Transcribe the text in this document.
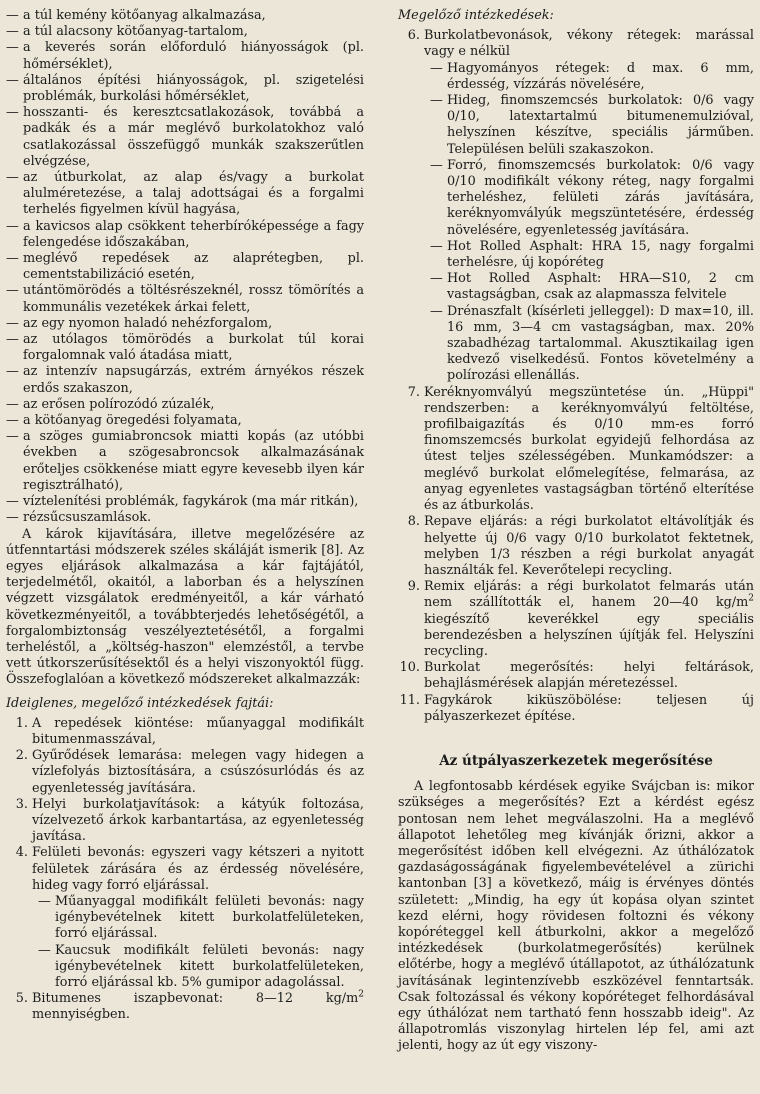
— a túl kemény kötőanyag alkalmazása,
— a túl alacsony kötőanyag-tartalom,
— a keverés során előforduló hiányosságok (pl. hőmérséklet),
— általános építési hiányosságok, pl. szigetelési problémák, burkolási hőmérséklet,
— hosszanti- és keresztcsatlakozások, továbbá a padkák és a már meglévő burkolatokhoz való csatlakozással összefüggő munkák szakszerűtlen elvégzése,
— az útburkolat, az alap és/vagy a burkolat alulméretezése, a talaj adottságai és a forgalmi terhelés figyelmen kívül hagyása,
— a kavicsos alap csökkent teherbíróképessége a fagy felengedése időszakában,
— meglévő repedések az alaprétegben, pl. cementstabilizáció esetén,
— utántömörödés a töltésrészeknél, rossz tömörítés a kommunális vezetékek árkai felett,
— az egy nyomon haladó nehézforgalom,
— az utólagos tömörödés a burkolat túl korai forgalomnak való átadása miatt,
— az intenzív napsugárzás, extrém árnyékos részek erdős szakaszon,
— az erősen polírozódó zúzalék,
— a kötőanyag öregedési folyamata,
— a szöges gumiabroncsok miatti kopás (az utóbbi években a szögesabroncsok alkalmazásának erőteljes csökkenése miatt egyre kevesebb ilyen kár regisztrálható),
— víztelenítési problémák, fagykárok (ma már ritkán),
— rézsűcsuszamlások.

A károk kijavítására, illetve megelőzésére az útfenntartási módszerek széles skáláját ismerik [8]. Az egyes eljárások alkalmazása a kár fajtájától, terjedelmétől, okaitól, a laborban és a helyszínen végzett vizsgálatok eredményeitől, a kár várható következményeitől, a továbbterjedés lehetőségétől, a forgalombiztonság veszélyeztetésétől, a forgalmi terheléstől, a „költség-haszon" elemzéstől, a tervbe vett útkorszerűsítésektől és a helyi viszonyoktól függ. Összefoglalóan a következő módszereket alkalmazzák:

Ideiglenes, megelőző intézkedések fajtái:

1. A repedések kiöntése: műanyaggal modifikált bitumenmasszával,
2. Gyűrődések lemarása: melegen vagy hidegen a vízlefolyás biztosítására, a csúszósurlódás és az egyenletesség javítására.
3. Helyi burkolatjavítások: a kátyúk foltozása, vízelvezető árkok karbantartása, az egyenletesség javítása.
4. Felületi bevonás: egyszeri vagy kétszeri a nyitott felületek zárására és az érdesség növelésére, hideg vagy forró eljárással.
— Műanyaggal modifikált felületi bevonás: nagy igénybevételnek kitett burkolatfelületeken, forró eljárással.
— Kaucsuk modifikált felületi bevonás: nagy igénybevételnek kitett burkolatfelületeken, forró eljárással kb. 5% gumipor adagolással.
5. Bitumenes iszapbevonat: 8—12 $kg/m^2$ mennyiségben.

Megelőző intézkedések:

6. Burkolatbevonások, vékony rétegek: marással vagy e nélkül
— Hagyományos rétegek: d max. 6 mm, érdesség, vízzárás növelésére,
— Hideg, finomszemcsés burkolatok: 0/6 vagy 0/10, latextartalmú bitumenemulzióval, helyszínen készítve, speciális járműben. Településen belüli szakaszokon.
— Forró, finomszemcsés burkolatok: 0/6 vagy 0/10 modifikált vékony réteg, nagy forgalmi terheléshez, felületi zárás javítására, keréknyomvályúk megszüntetésére, érdesség növelésére, egyenletesség javítására.
— Hot Rolled Asphalt: HRA 15, nagy forgalmi terhelésre, új kopóréteg
— Hot Rolled Asphalt: HRA—S10, 2 cm vastagságban, csak az alapmassza felvitele
— Drénaszfalt (kísérleti jelleggel): D max=10, ill. 16 mm, 3—4 cm vastagságban, max. 20% szabadhézag tartalommal. Akusztikailag igen kedvező viselkedésű. Fontos követelmény a polírozási ellenállás.
7. Keréknyomvályú megszüntetése ún. „Hüppi" rendszerben: a keréknyomvályú feltöltése, profilbaigazítás és 0/10 mm-es forró finomszemcsés burkolat egyidejű felhordása az útest teljes szélességében. Munkamódszer: a meglévő burkolat előmelegítése, felmarása, az anyag egyenletes vastagságban történő elterítése és az átburkolás.
8. Repave eljárás: a régi burkolatot eltávolítják és helyette új 0/6 vagy 0/10 burkolatot fektetnek, melyben 1/3 részben a régi burkolat anyagát használták fel. Keverőtelepi recycling.
9. Remix eljárás: a régi burkolatot felmarás után nem szállították el, hanem 20—40 $kg/m^2$ kiegészítő keverékkel egy speciális berendezésben a helyszínen újítják fel. Helyszíni recycling.
10. Burkolat megerősítés: helyi feltárások, behajlásmérések alapján méretezéssel.
11. Fagykárok kiküszöbölése: teljesen új pályaszerkezet építése.
Az útpályaszerkezetek megerősítése

A legfontosabb kérdések egyike Svájcban is: mikor szükséges a megerősítés? Ezt a kérdést egész pontosan nem lehet megválaszolni. Ha a meglévő állapotot lehetőleg meg kívánják őrizni, akkor a megerősítést időben kell elvégezni. Az úthálózatok gazdaságosságának figyelembevételével a zürichi kantonban [3] a következő, máig is érvényes döntés született: „Mindig, ha egy út kopása olyan szintet kezd elérni, hogy rövidesen foltozni és vékony kopóréteggel kell átburkolni, akkor a megelőző intézkedések (burkolatmegerősítés) kerülnek előtérbe, hogy a meglévő útállapotot, az úthálózatunk javításának legintenzívebb eszközével fenntartsák. Csak foltozással és vékony kopóréteget felhordásával egy úthálózat nem tartható fenn hosszabb ideig". Az állapotromlás viszonylag hirtelen lép fel, ami azt jelenti, hogy az út egy viszony-
